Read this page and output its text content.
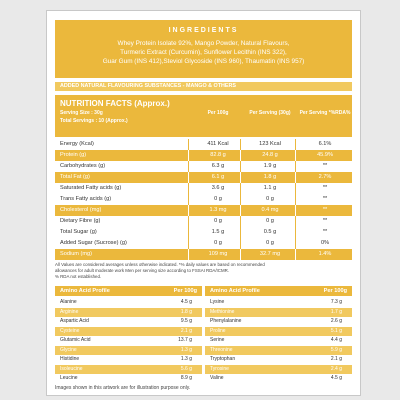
INGREDIENTS
Whey Protein Isolate 92%, Mango Powder, Natural Flavours,
Turmeric Extract (Curcumin), Sunflower Lecithin (INS 322),
Guar Gum (INS 412),Steviol Glycoside (INS 960), Thaumatin (INS 957)
ADDED NATURAL FLAVOURING SUBSTANCES - MANGO & OTHERS
NUTRITION FACTS (Approx.)
Serving Size : 30g
Total Servings : 10 (Approx.)
Per 100g	Per Serving (30g)	Per Serving *%RDA%
Energy (Kcal)	411 Kcal	123 Kcal	6.1%
Protein (g)	82.8 g	24.8 g	45.9%
Carbohydrates (g)	6.3 g	1.9 g	**
Total Fat (g)	6.1 g	1.8 g	2.7%
Saturated Fatty acids (g)	3.6 g	1.1 g	**
Trans Fatty acids (g)	0 g	0 g	**
Cholesterol (mg)	1.3 mg	0.4 mg	**
Dietary Fibre (g)	0 g	0 g	**
Total Sugar (g)	1.5 g	0.5 g	**
Added Sugar (Sucrose) (g)	0 g	0 g	0%
Sodium (mg)	109 mg	32.7 mg	1.4%
All Values are considered averages unless otherwise indicated. *% daily values are based on recommended
allowances for adult moderate work Men per serving size according to FSSAI RDA/ICMR.
% RDA not established.
Amino Acid Profile	Per 100g Amino Acid Profile	Per 100g
Alanine	4.5 g
Arginine	1.8 g
Aspartic Acid	9.5 g
Cysteine	2.1 g
Glutamic Acid	13.7 g
Glycine	1.3 g
Histidine	1.3 g
Isoleucine	5.6 g
Leucine	8.9 g
Lysine	7.3 g
Methionine	1.7 g
Phenylalanine	2.6 g
Proline	5.1 g
Serine	4.4 g
Threonine	5.9 g
Tryptophan	2.1 g
Tyrosine	2.4 g
Valine	4.5 g
Images shown in this artwork are for illustration purpose only.
